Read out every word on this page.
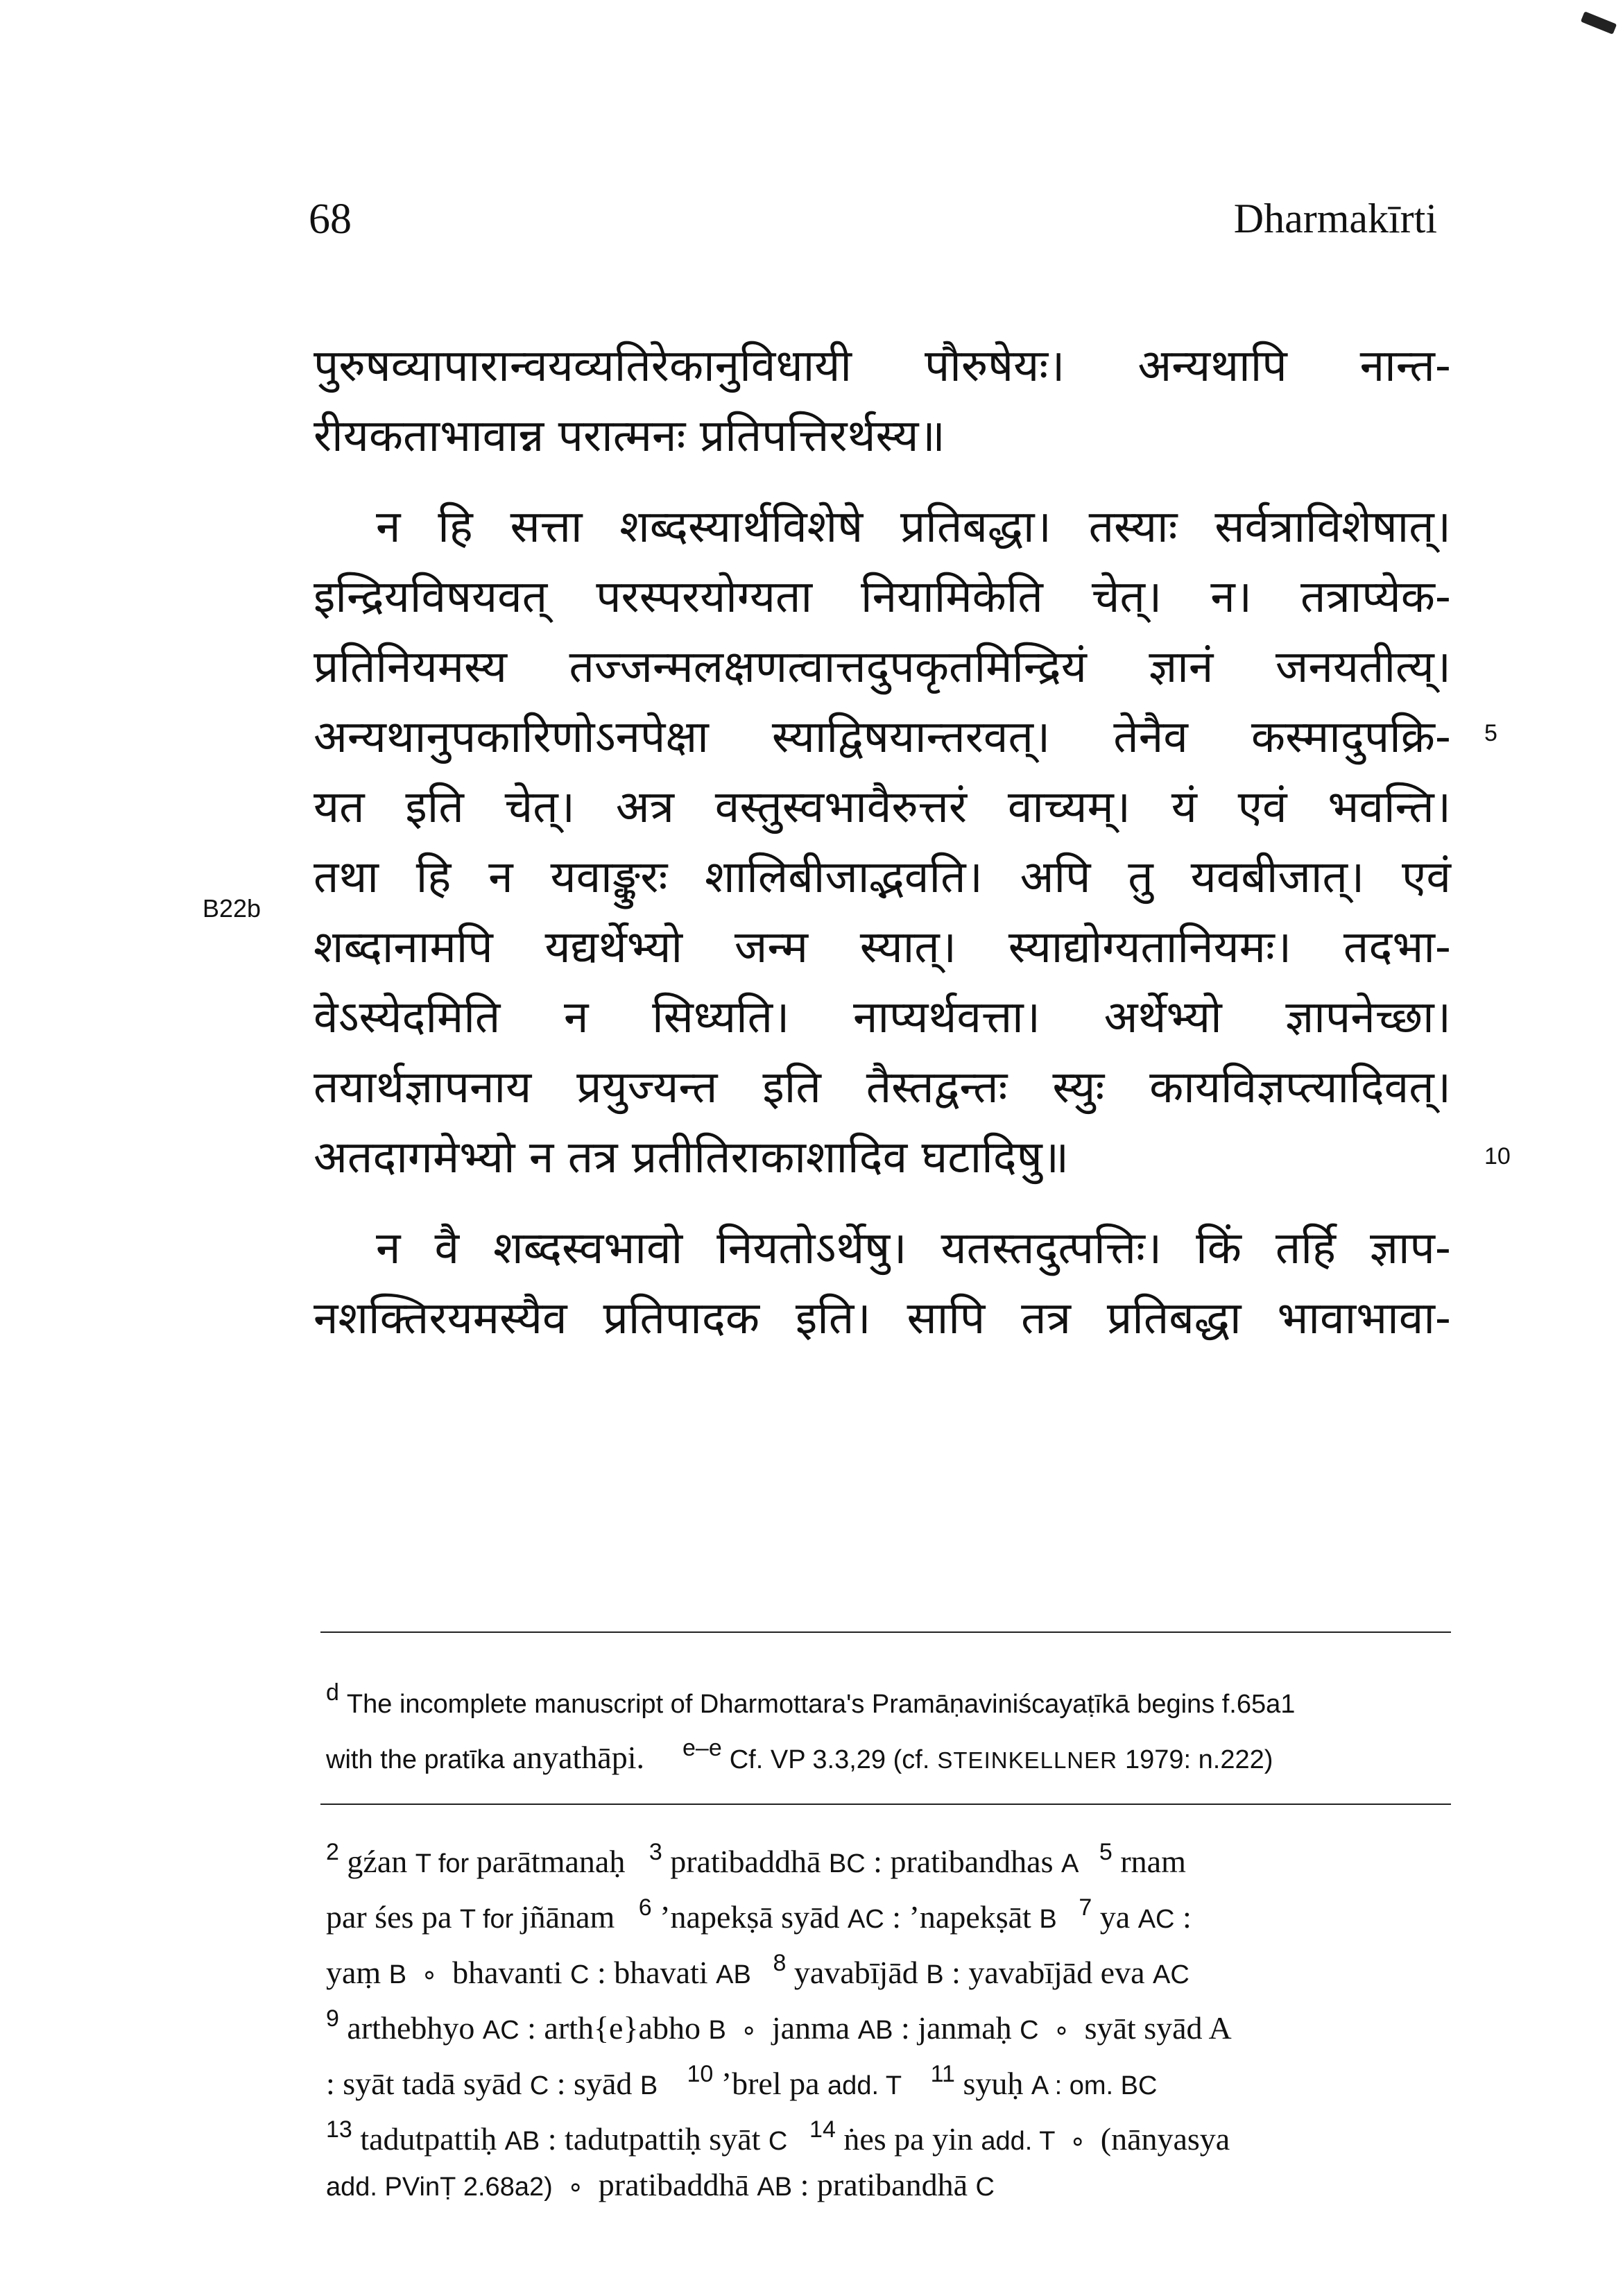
68	Dharmakīrti
पुरुषव्यापारान्वयव्यतिरेकानुविधायी पौरुषेयः। अन्यथापि नान्त-
रीयकताभावान्न परात्मनः प्रतिपत्तिरर्थस्य॥
न हि सत्ता शब्दस्यार्थविशेषे प्रतिबद्धा। तस्याः सर्वत्राविशेषात्।
इन्द्रियविषयवत् परस्परयोग्यता नियामिकेति चेत्। न। तत्राप्येक-
प्रतिनियमस्य तज्जन्मलक्षणत्वात्तदुपकृतमिन्द्रियं ज्ञानं जनयतीत्य्।
अन्यथानुपकारिणोऽनपेक्षा स्याद्विषयान्तरवत्। तेनैव कस्मादुपक्रि-
यत इति चेत्। अत्र वस्तुस्वभावैरुत्तरं वाच्यम्। यं एवं भवन्ति।
तथा हि न यवाङ्कुरः शालिबीजाद्भवति। अपि तु यवबीजात्। एवं
शब्दानामपि यद्यर्थेभ्यो जन्म स्यात्। स्याद्योग्यतानियमः। तदभा-
वेऽस्येदमिति न सिध्यति। नाप्यर्थवत्ता। अर्थेभ्यो ज्ञापनेच्छा।
तयार्थज्ञापनाय प्रयुज्यन्त इति तैस्तद्वन्तः स्युः कायविज्ञप्त्यादिवत्।
अतदागमेभ्यो न तत्र प्रतीतिराकाशादिव घटादिषु॥
न वै शब्दस्वभावो नियतोऽर्थेषु। यतस्तदुत्पत्तिः। किं तर्हि ज्ञाप-
नशक्तिरयमस्यैव प्रतिपादक इति। सापि तत्र प्रतिबद्धा भावाभावा-
5
B22b
10
$^d$ The incomplete manuscript of Dharmottara's Pramāṇaviniścayaṭīkā begins f.65a1
with the pratīka anyathāpi. $^{e-e}$ Cf. VP 3.3,29 (cf. STEINKELLNER 1979: n.222)
$^2$ gźan T for parātmanaḥ   $^3$ pratibaddhā BC : pratibandhas A   $^5$ rnam
par śes pa T for jñānam   $^6$ ’napekṣā syād AC : ’napekṣāt B   $^7$ ya AC :
yaṃ B  ∘  bhavanti C : bhavati AB   $^8$ yavabījād B : yavabījād eva AC
$^9$ arthebhyo AC : arth{e}abho B  ∘  janma AB : janmaḥ C  ∘  syāt syād A
: syāt tadā syād C : syād B    $^{10}$ ’brel pa add. T    $^{11}$ syuḥ A : om. BC
$^{13}$ tadutpattiḥ AB : tadutpattiḥ syāt C   $^{14}$ ṅes pa yin add. T  ∘  (nānyasya
add. PVinṬ 2.68a2)  ∘  pratibaddhā AB : pratibandhā C
